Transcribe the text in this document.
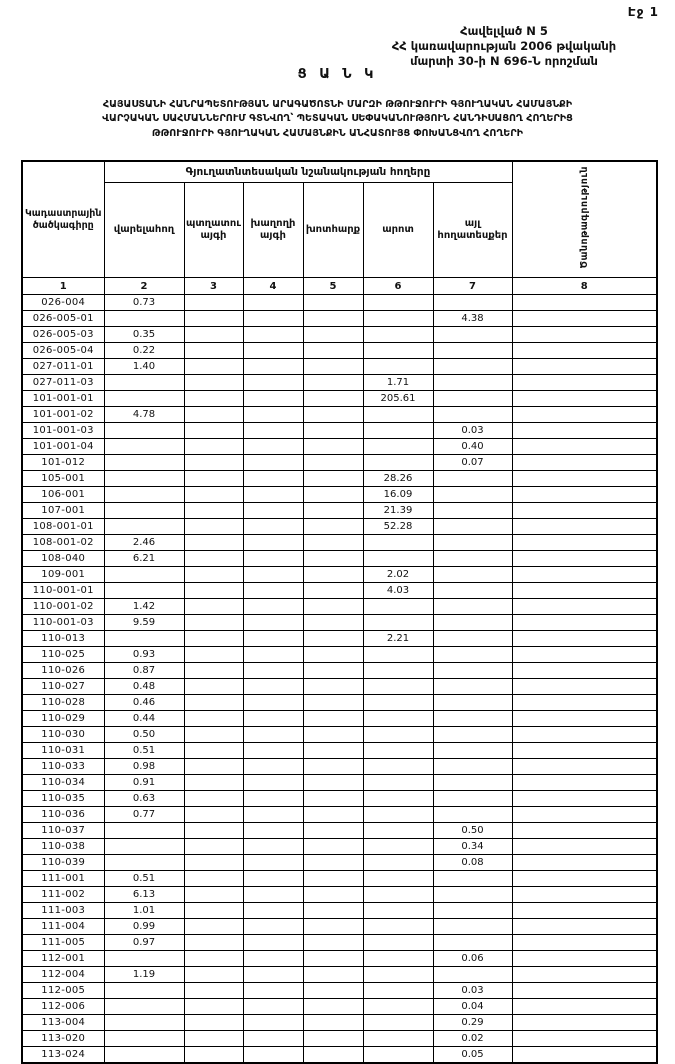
Էջ 1
Հավելված N 5
ՀՀ կառավարության 2006 թվականի
մարտի 30-ի N 696-Ն որոշման
Ց Ա Ն Կ
ՀԱՅԱՍՏԱՆԻ ՀԱՆՐԱՊԵՏՈՒԹՅԱՆ ԱՐԱԳԱԾՈՏՆԻ ՄԱՐԶԻ ԹԹՈՒՋՈՒՐԻ ԳՅՈՒՂԱԿԱՆ ՀԱՄԱՅՆՔԻ
ՎԱՐՉԱԿԱՆ ՍԱՀՄԱՆՆԵՐՈՒՄ ԳՏՆՎՈՂ՝ ՊԵՏԱԿԱՆ ՍԵՓԱԿԱՆՈՒԹՅՈՒՆ ՀԱՆԴԻՍԱՑՈՂ ՀՈՂԵՐԻՑ
ԹԹՈՒՋՈՒՐԻ ԳՅՈՒՂԱԿԱՆ ՀԱՄԱՅՆՔԻՆ ԱՆՀԱՏՈՒՅՑ ՓՈԽԱՆՑՎՈՂ ՀՈՂԵՐԻ
Կադաստրային ծածկագիրը	Գյուղատնտեսական նշանակության հողերը						Ծանոթագրություն
	վարելահող	պտղատու այգի	խաղողի այգի	խոտհարք	արոտ	այլ հողատեսքեր	
1	2	3	4	5	6	7	8
026-004	0.73						
026-005-01						4.38	
026-005-03	0.35						
026-005-04	0.22						
027-011-01	1.40						
027-011-03					1.71		
101-001-01					205.61		
101-001-02	4.78						
101-001-03						0.03	
101-001-04						0.40	
101-012						0.07	
105-001					28.26		
106-001					16.09		
107-001					21.39		
108-001-01					52.28		
108-001-02	2.46						
108-040	6.21						
109-001					2.02		
110-001-01					4.03		
110-001-02	1.42						
110-001-03	9.59						
110-013					2.21		
110-025	0.93						
110-026	0.87						
110-027	0.48						
110-028	0.46						
110-029	0.44						
110-030	0.50						
110-031	0.51						
110-033	0.98						
110-034	0.91						
110-035	0.63						
110-036	0.77						
110-037						0.50	
110-038						0.34	
110-039						0.08	
111-001	0.51						
111-002	6.13						
111-003	1.01						
111-004	0.99						
111-005	0.97						
112-001						0.06	
112-004	1.19						
112-005						0.03	
112-006						0.04	
113-004						0.29	
113-020						0.02	
113-024						0.05	
